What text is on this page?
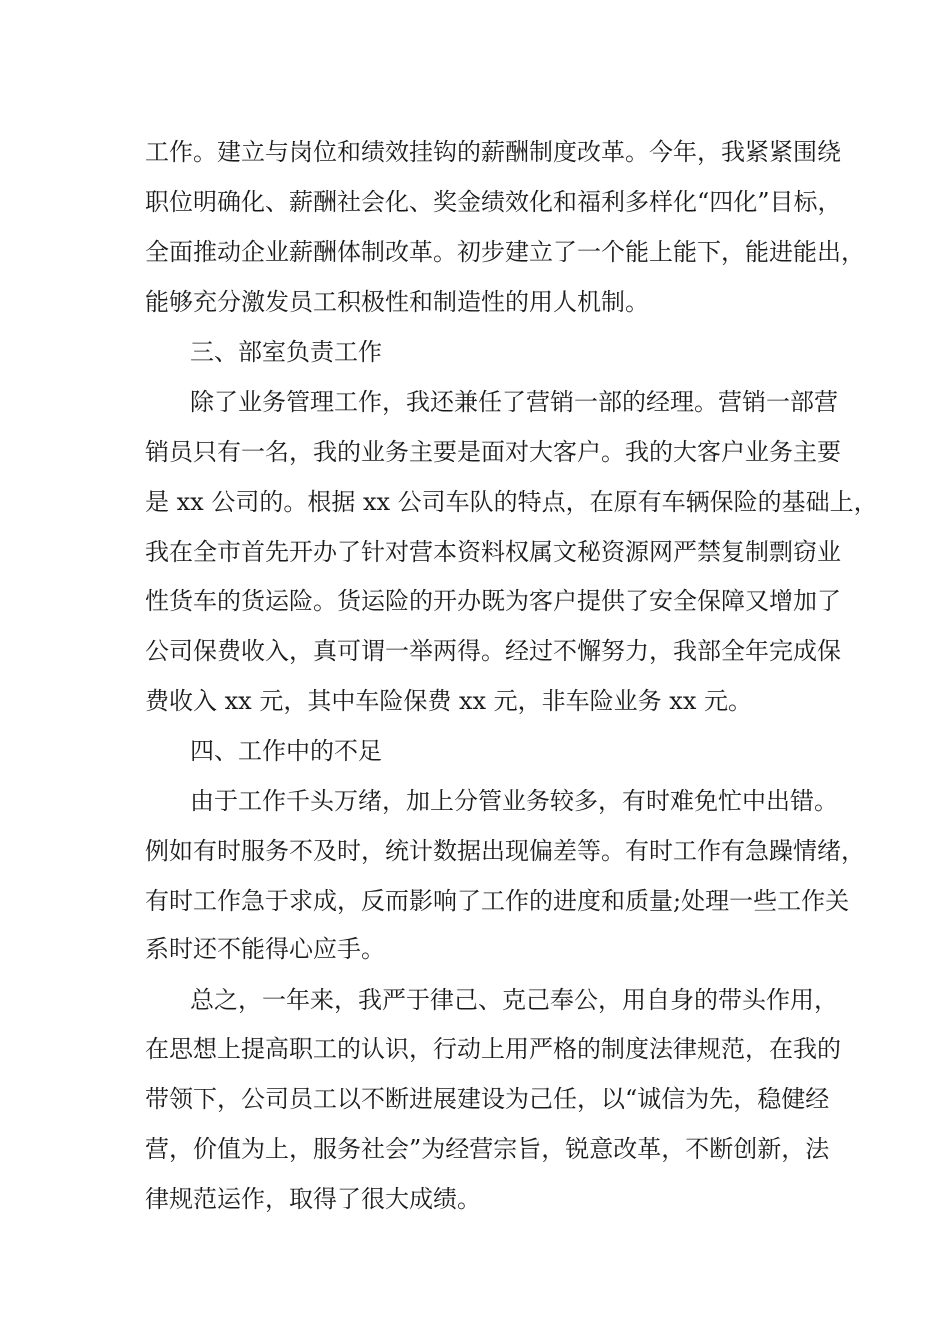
工作。建立与岗位和绩效挂钩的薪酬制度改革。今年，我紧紧围绕

职位明确化、薪酬社会化、奖金绩效化和福利多样化“四化”目标，

全面推动企业薪酬体制改革。初步建立了一个能上能下，能进能出，

能够充分激发员工积极性和制造性的用人机制。

三、部室负责工作

除了业务管理工作，我还兼任了营销一部的经理。营销一部营

销员只有一名，我的业务主要是面对大客户。我的大客户业务主要

是 xx 公司的。根据 xx 公司车队的特点，在原有车辆保险的基础上，

我在全市首先开办了针对营本资料权属文秘资源网严禁复制剽窃业

性货车的货运险。货运险的开办既为客户提供了安全保障又增加了

公司保费收入，真可谓一举两得。经过不懈努力，我部全年完成保

费收入 xx 元，其中车险保费 xx 元，非车险业务 xx 元。

四、工作中的不足

由于工作千头万绪，加上分管业务较多，有时难免忙中出错。

例如有时服务不及时，统计数据出现偏差等。有时工作有急躁情绪，

有时工作急于求成，反而影响了工作的进度和质量;处理一些工作关

系时还不能得心应手。

总之，一年来，我严于律己、克己奉公，用自身的带头作用，

在思想上提高职工的认识，行动上用严格的制度法律规范，在我的

带领下，公司员工以不断进展建设为己任，以“诚信为先，稳健经

营，价值为上，服务社会”为经营宗旨，锐意改革，不断创新，法

律规范运作，取得了很大成绩。
